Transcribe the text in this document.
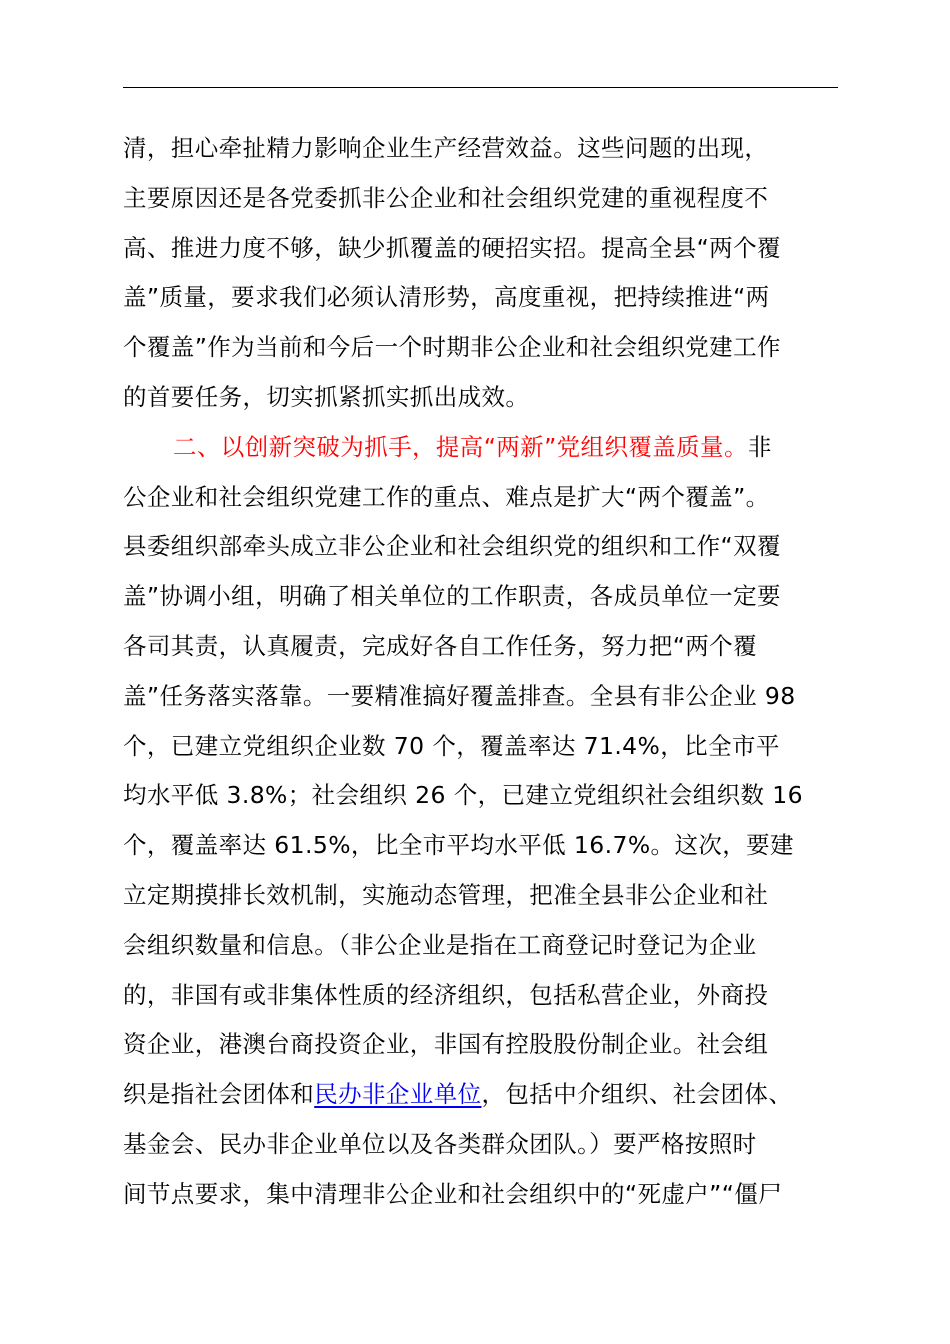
清，担心牵扯精力影响企业生产经营效益。这些问题的出现，
主要原因还是各党委抓非公企业和社会组织党建的重视程度不
高、推进力度不够，缺少抓覆盖的硬招实招。提高全县“两个覆
盖”质量，要求我们必须认清形势，高度重视，把持续推进“两
个覆盖”作为当前和今后一个时期非公企业和社会组织党建工作
的首要任务，切实抓紧抓实抓出成效。
二、以创新突破为抓手，提高“两新”党组织覆盖质量。非
公企业和社会组织党建工作的重点、难点是扩大“两个覆盖”。
县委组织部牵头成立非公企业和社会组织党的组织和工作“双覆
盖”协调小组，明确了相关单位的工作职责，各成员单位一定要
各司其责，认真履责，完成好各自工作任务，努力把“两个覆
盖”任务落实落靠。一要精准搞好覆盖排查。全县有非公企业 98
个，已建立党组织企业数 70 个，覆盖率达 71.4%，比全市平
均水平低 3.8%；社会组织 26 个，已建立党组织社会组织数 16
个，覆盖率达 61.5%，比全市平均水平低 16.7%。这次，要建
立定期摸排长效机制，实施动态管理，把准全县非公企业和社
会组织数量和信息。（非公企业是指在工商登记时登记为企业
的，非国有或非集体性质的经济组织，包括私营企业，外商投
资企业，港澳台商投资企业，非国有控股股份制企业。社会组
织是指社会团体和民办非企业单位，包括中介组织、社会团体、
基金会、民办非企业单位以及各类群众团队。）要严格按照时
间节点要求，集中清理非公企业和社会组织中的“死虚户”“僵尸
